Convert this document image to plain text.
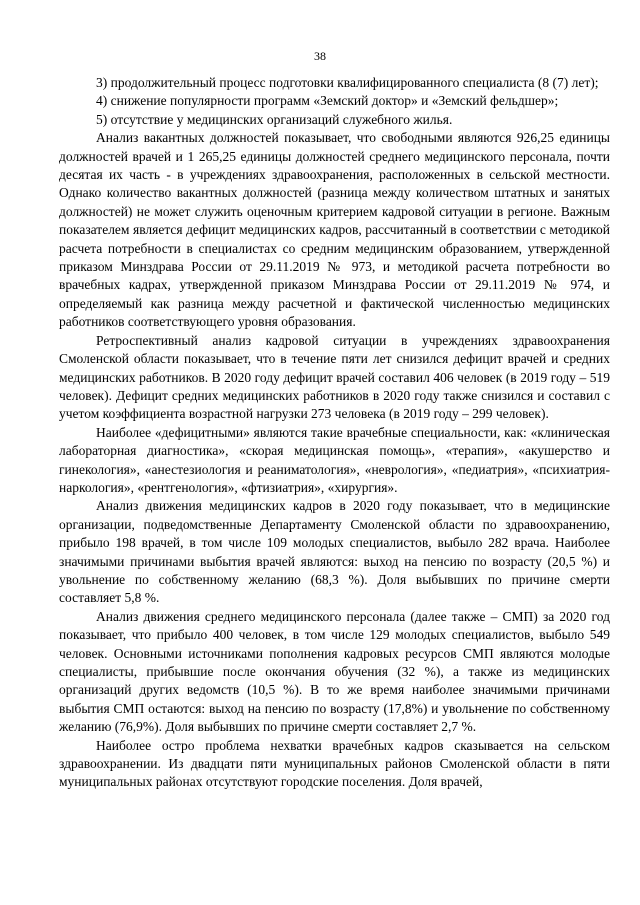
38

3) продолжительный процесс подготовки квалифицированного специалиста (8 (7) лет);

4) снижение популярности программ «Земский доктор» и «Земский фельдшер»;

5) отсутствие у медицинских организаций служебного жилья.

Анализ вакантных должностей показывает, что свободными являются 926,25 единицы должностей врачей и 1 265,25 единицы должностей среднего медицинского персонала, почти десятая их часть - в учреждениях здравоохранения, расположенных в сельской местности. Однако количество вакантных должностей (разница между количеством штатных и занятых должностей) не может служить оценочным критерием кадровой ситуации в регионе. Важным показателем является дефицит медицинских кадров, рассчитанный в соответствии с методикой расчета потребности в специалистах со средним медицинским образованием, утвержденной приказом Минздрава России от 29.11.2019 № 973, и методикой расчета потребности во врачебных кадрах, утвержденной приказом Минздрава России от 29.11.2019 № 974, и определяемый как разница между расчетной и фактической численностью медицинских работников соответствующего уровня образования.

Ретроспективный анализ кадровой ситуации в учреждениях здравоохранения Смоленской области показывает, что в течение пяти лет снизился дефицит врачей и средних медицинских работников. В 2020 году дефицит врачей составил 406 человек (в 2019 году – 519 человек). Дефицит средних медицинских работников в 2020 году также снизился и составил с учетом коэффициента возрастной нагрузки 273 человека (в 2019 году – 299 человек).

Наиболее «дефицитными» являются такие врачебные специальности, как: «клиническая лабораторная диагностика», «скорая медицинская помощь», «терапия», «акушерство и гинекология», «анестезиология и реаниматология», «неврология», «педиатрия», «психиатрия-наркология», «рентгенология», «фтизиатрия», «хирургия».

Анализ движения медицинских кадров в 2020 году показывает, что в медицинские организации, подведомственные Департаменту Смоленской области по здравоохранению, прибыло 198 врачей, в том числе 109 молодых специалистов, выбыло 282 врача. Наиболее значимыми причинами выбытия врачей являются: выход на пенсию по возрасту (20,5 %) и увольнение по собственному желанию (68,3 %). Доля выбывших по причине смерти составляет 5,8 %.

Анализ движения среднего медицинского персонала (далее также – СМП) за 2020 год показывает, что прибыло 400 человек, в том числе 129 молодых специалистов, выбыло 549 человек. Основными источниками пополнения кадровых ресурсов СМП являются молодые специалисты, прибывшие после окончания обучения (32 %), а также из медицинских организаций других ведомств (10,5 %). В то же время наиболее значимыми причинами выбытия СМП остаются: выход на пенсию по возрасту (17,8%) и увольнение по собственному желанию (76,9%). Доля выбывших по причине смерти составляет 2,7 %.

Наиболее остро проблема нехватки врачебных кадров сказывается на сельском здравоохранении. Из двадцати пяти муниципальных районов Смоленской области в пяти муниципальных районах отсутствуют городские поселения. Доля врачей,
